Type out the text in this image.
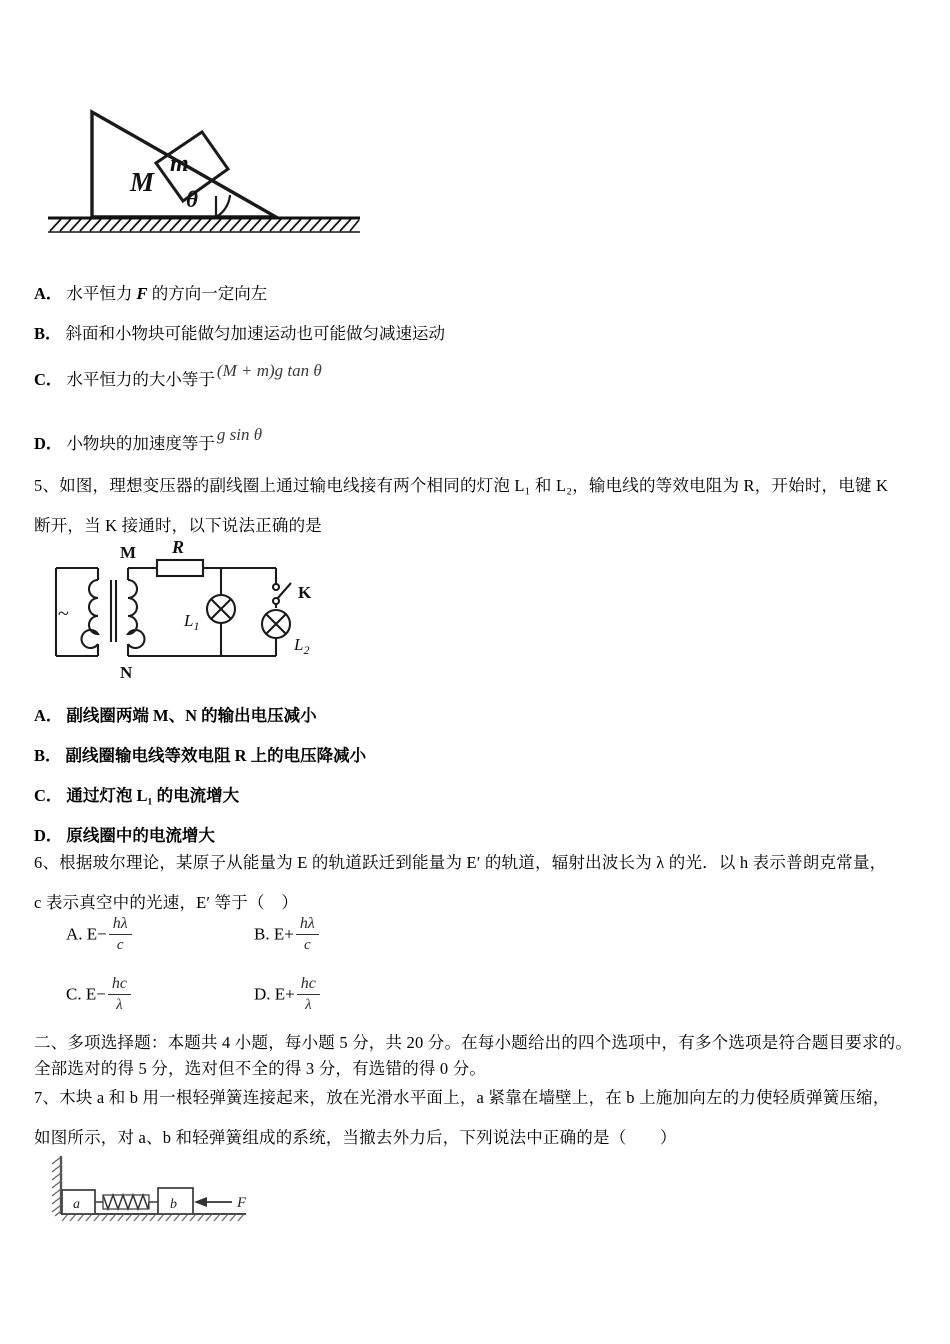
M
m
θ
A． 水平恒力 F 的方向一定向左
B． 斜面和小物块可能做匀加速运动也可能做匀减速运动
C． 水平恒力的大小等于 (M + m)g tan θ
D． 小物块的加速度等于 g sin θ
5、如图，理想变压器的副线圈上通过输电线接有两个相同的灯泡 L₁ 和 L₂，输电线的等效电阻为 R，开始时，电键 K
断开，当 K 接通时，以下说法正确的是
M R
N
~	$L_1$
K
$L_2$
A． 副线圈两端 M、N 的输出电压减小
B． 副线圈输电线等效电阻 R 上的电压降减小
C． 通过灯泡 L₁ 的电流增大
D． 原线圈中的电流增大
6、根据玻尔理论，某原子从能量为 E 的轨道跃迁到能量为 E′ 的轨道，辐射出波长为 λ 的光．以 h 表示普朗克常量，
c 表示真空中的光速，E′ 等于（　）
A. $E- \frac{h\lambda}{c}$	B. $E+ \frac{h\lambda}{c}$
C. $E- \frac{hc}{\lambda}$	D. $E+ \frac{hc}{\lambda}$
二、多项选择题：本题共 4 小题，每小题 5 分，共 20 分。在每小题给出的四个选项中，有多个选项是符合题目要求的。
全部选对的得 5 分，选对但不全的得 3 分，有选错的得 0 分。
7、木块 a 和 b 用一根轻弹簧连接起来，放在光滑水平面上，a 紧靠在墙壁上，在 b 上施加向左的力使轻质弹簧压缩，
如图所示，对 a、b 和轻弹簧组成的系统，当撤去外力后，下列说法中正确的是（　　）
a	b	F
